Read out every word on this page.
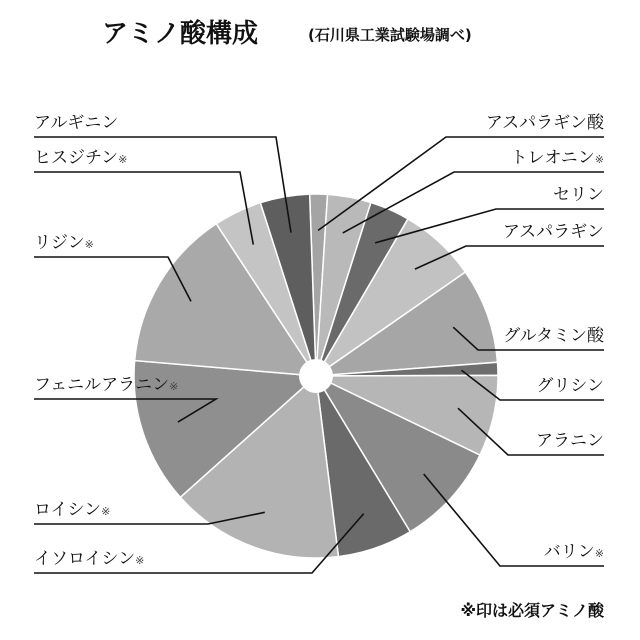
アミノ酸構成	(石川県工業試験場調べ)
アスパラギン酸
トレオニン※
セリン
アスパラギン
グルタミン酸
グリシン
アラニン
バリン※
イソロイシン※
ロイシン※
フェニルアラニン※
リジン※
ヒスジチン※
アルギニン
※印は必須アミノ酸
